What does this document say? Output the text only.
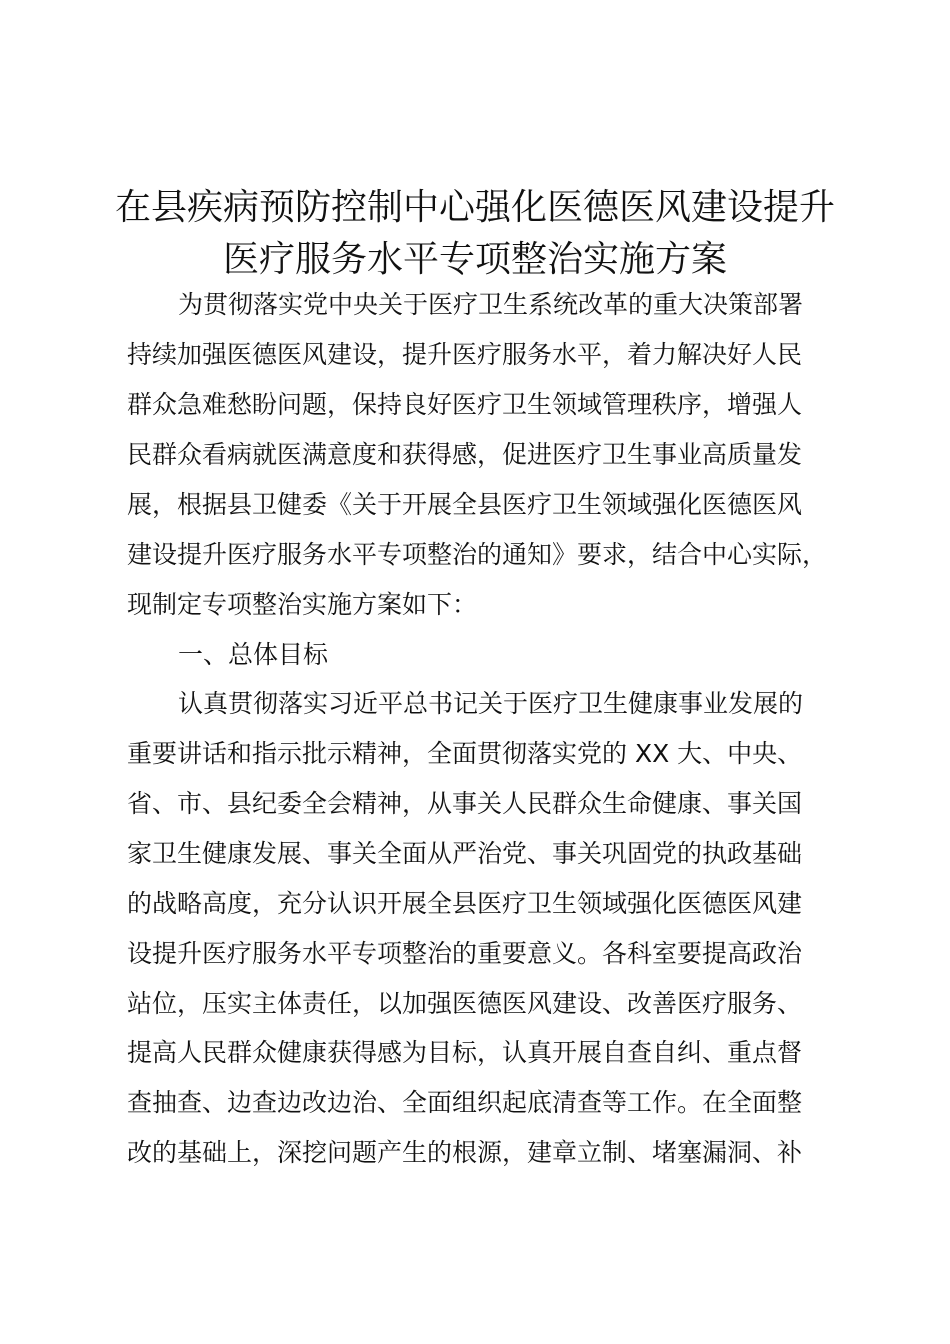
在县疾病预防控制中心强化医德医风建设提升
医疗服务水平专项整治实施方案
为贯彻落实党中央关于医疗卫生系统改革的重大决策部署
持续加强医德医风建设，提升医疗服务水平，着力解决好人民
群众急难愁盼问题，保持良好医疗卫生领域管理秩序，增强人
民群众看病就医满意度和获得感，促进医疗卫生事业高质量发
展，根据县卫健委《关于开展全县医疗卫生领域强化医德医风
建设提升医疗服务水平专项整治的通知》要求，结合中心实际，
现制定专项整治实施方案如下：
一、总体目标
认真贯彻落实习近平总书记关于医疗卫生健康事业发展的
重要讲话和指示批示精神，全面贯彻落实党的 XX 大、中央、
省、市、县纪委全会精神，从事关人民群众生命健康、事关国
家卫生健康发展、事关全面从严治党、事关巩固党的执政基础
的战略高度，充分认识开展全县医疗卫生领域强化医德医风建
设提升医疗服务水平专项整治的重要意义。各科室要提高政治
站位，压实主体责任，以加强医德医风建设、改善医疗服务、
提高人民群众健康获得感为目标，认真开展自查自纠、重点督
查抽查、边查边改边治、全面组织起底清查等工作。在全面整
改的基础上，深挖问题产生的根源，建章立制、堵塞漏洞、补
